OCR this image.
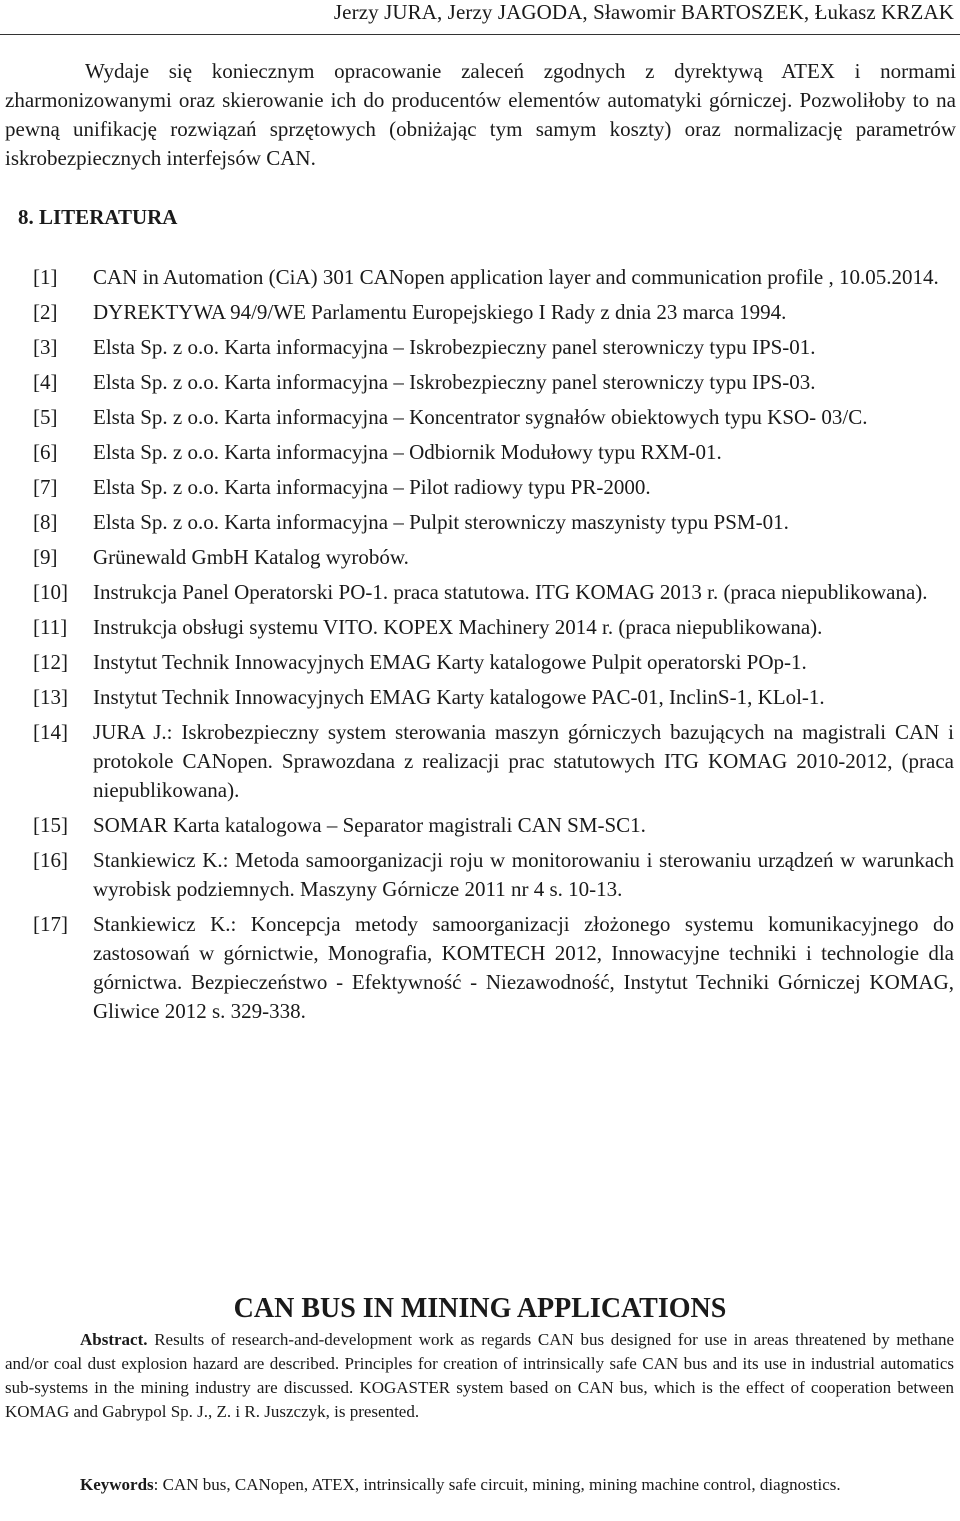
Jerzy JURA, Jerzy JAGODA, Sławomir BARTOSZEK, Łukasz KRZAK

Wydaje się koniecznym opracowanie zaleceń zgodnych z dyrektywą ATEX i normami zharmonizowanymi oraz skierowanie ich do producentów elementów automatyki górniczej. Pozwoliłoby to na pewną unifikację rozwiązań sprzętowych (obniżając tym samym koszty) oraz normalizację parametrów iskrobezpiecznych interfejsów CAN.

8. LITERATURA
[1] CAN in Automation (CiA) 301 CANopen application layer and communication profile , 10.05.2014.
[2] DYREKTYWA 94/9/WE Parlamentu Europejskiego I Rady z dnia 23 marca 1994.
[3] Elsta Sp. z o.o. Karta informacyjna – Iskrobezpieczny panel sterowniczy typu IPS-01.
[4] Elsta Sp. z o.o. Karta informacyjna – Iskrobezpieczny panel sterowniczy typu IPS-03.
[5] Elsta Sp. z o.o. Karta informacyjna – Koncentrator sygnałów obiektowych typu KSO- 03/C.
[6] Elsta Sp. z o.o. Karta informacyjna – Odbiornik Modułowy typu RXM-01.
[7] Elsta Sp. z o.o. Karta informacyjna – Pilot radiowy typu PR-2000.
[8] Elsta Sp. z o.o. Karta informacyjna – Pulpit sterowniczy maszynisty typu PSM-01.
[9] Grünewald GmbH Katalog wyrobów.
[10] Instrukcja Panel Operatorski PO-1. praca statutowa. ITG KOMAG 2013 r. (praca niepublikowana).
[11] Instrukcja obsługi systemu VITO. KOPEX Machinery 2014 r. (praca niepublikowana).
[12] Instytut Technik Innowacyjnych EMAG Karty katalogowe Pulpit operatorski POp-1.
[13] Instytut Technik Innowacyjnych EMAG Karty katalogowe PAC-01, InclinS-1, KLol-1.
[14] JURA J.: Iskrobezpieczny system sterowania maszyn górniczych bazujących na magistrali CAN i protokole CANopen. Sprawozdana z realizacji prac statutowych ITG KOMAG 2010-2012, (praca niepublikowana).
[15] SOMAR Karta katalogowa – Separator magistrali CAN SM-SC1.
[16] Stankiewicz K.: Metoda samoorganizacji roju w monitorowaniu i sterowaniu urządzeń w warunkach wyrobisk podziemnych. Maszyny Górnicze 2011 nr 4 s. 10-13.
[17] Stankiewicz K.: Koncepcja metody samoorganizacji złożonego systemu komunikacyjnego do zastosowań w górnictwie, Monografia, KOMTECH 2012, Innowacyjne techniki i technologie dla górnictwa. Bezpieczeństwo - Efektywność - Niezawodność, Instytut Techniki Górniczej KOMAG, Gliwice 2012 s. 329-338.
CAN BUS IN MINING APPLICATIONS

Abstract. Results of research-and-development work as regards CAN bus designed for use in areas threatened by methane and/or coal dust explosion hazard are described. Principles for creation of intrinsically safe CAN bus and its use in industrial automatics sub-systems in the mining industry are discussed. KOGASTER system based on CAN bus, which is the effect of cooperation between KOMAG and Gabrypol Sp. J., Z. i R. Juszczyk, is presented.

Keywords: CAN bus, CANopen, ATEX, intrinsically safe circuit, mining, mining machine control, diagnostics.
